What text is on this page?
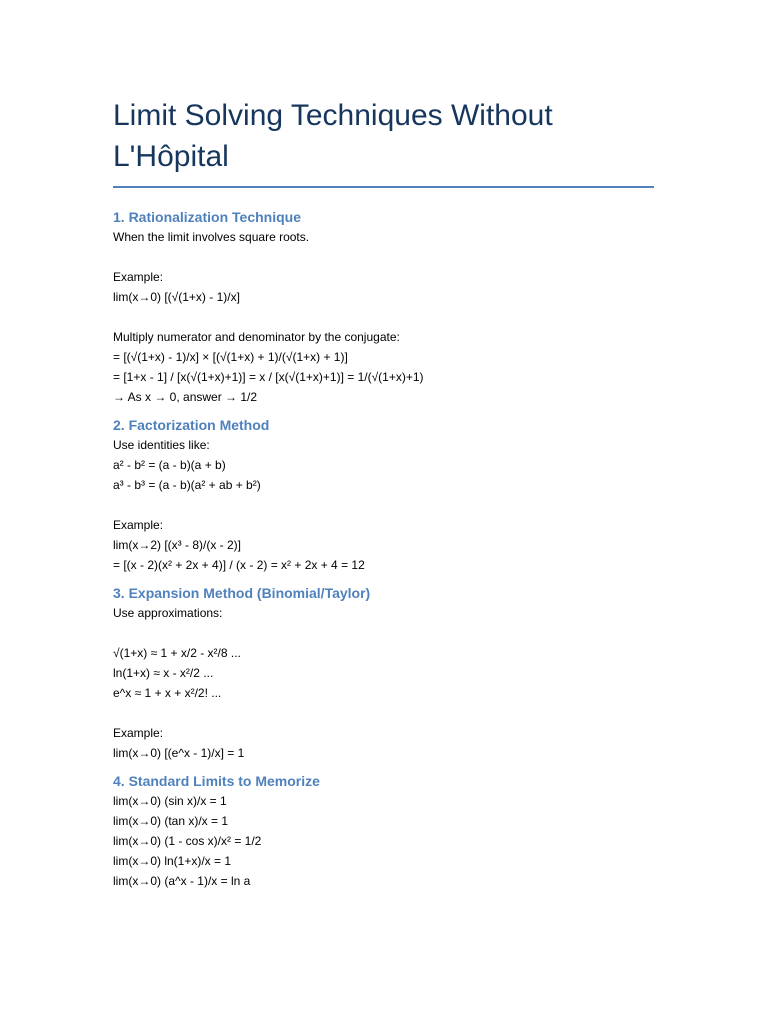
Limit Solving Techniques Without L'Hôpital
1. Rationalization Technique
When the limit involves square roots.
Example:
lim(x→0) [(√(1+x) - 1)/x]
Multiply numerator and denominator by the conjugate:
= [(√(1+x) - 1)/x] × [(√(1+x) + 1)/(√(1+x) + 1)]
= [1+x - 1] / [x(√(1+x)+1)] = x / [x(√(1+x)+1)] = 1/(√(1+x)+1)
→ As x → 0, answer → 1/2
2. Factorization Method
Use identities like:
a² - b² = (a - b)(a + b)
a³ - b³ = (a - b)(a² + ab + b²)
Example:
lim(x→2) [(x³ - 8)/(x - 2)]
= [(x - 2)(x² + 2x + 4)] / (x - 2) = x² + 2x + 4 = 12
3. Expansion Method (Binomial/Taylor)
Use approximations:
√(1+x) ≈ 1 + x/2 - x²/8 ...
ln(1+x) ≈ x - x²/2 ...
e^x ≈ 1 + x + x²/2! ...
Example:
lim(x→0) [(e^x - 1)/x] = 1
4. Standard Limits to Memorize
lim(x→0) (sin x)/x = 1
lim(x→0) (tan x)/x = 1
lim(x→0) (1 - cos x)/x² = 1/2
lim(x→0) ln(1+x)/x = 1
lim(x→0) (a^x - 1)/x = ln a
